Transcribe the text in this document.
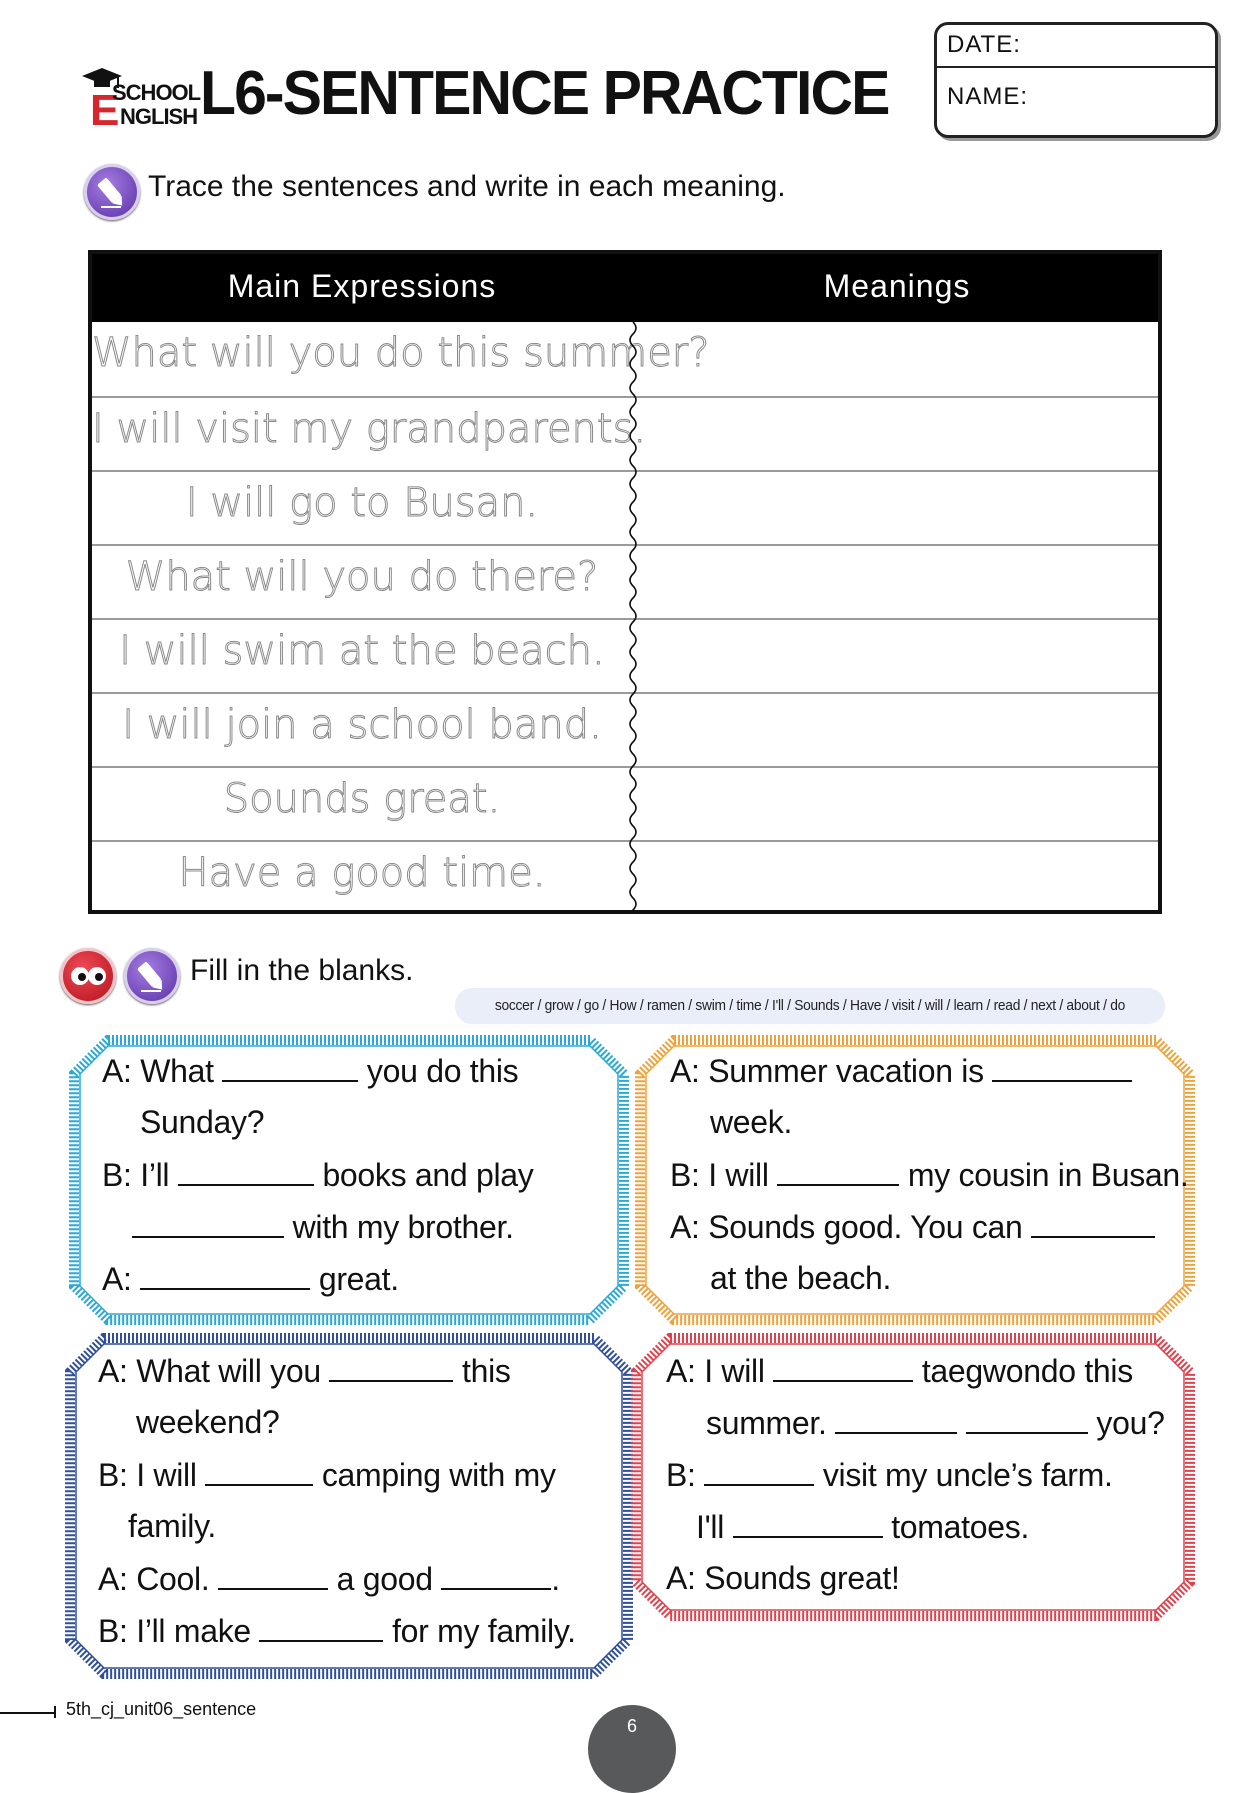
E
SCHOOL
NGLISH L6-SENTENCE PRACTICE
DATE:
NAME:
Trace the sentences and write in each meaning.
Main Expressions	Meanings
What will you do this summer?
I will visit my grandparents.
I will go to Busan.
What will you do there?
I will swim at the beach.
I will join a school band.
Sounds great.
Have a good time.
Fill in the blanks.
soccer / grow / go / How / ramen / swim / time / I'll / Sounds / Have / visit / will / learn / read / next / about / do
A: What	you do this
Sunday?
B: I’ll	books and play
with my brother.
A:	great.
A: Summer vacation is
week.
B: I will	my cousin in Busan.
A: Sounds good. You can
at the beach.
A: What will you	this
weekend?
B: I will	camping with my
family.
A: Cool.	a good	.
B: I’ll make	for my family.
A: I will	taegwondo this
summer.	you?
B:	visit my uncle’s farm.
I'll	tomatoes.
A: Sounds great!
5th_cj_unit06_sentence
6
